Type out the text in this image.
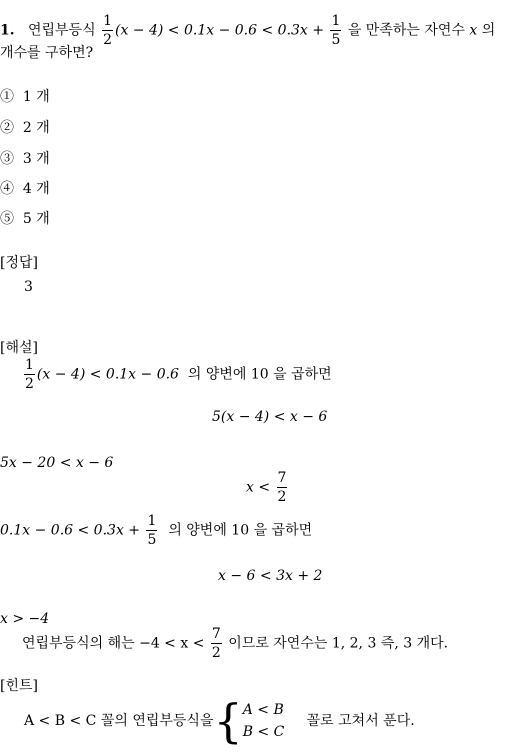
1. 연립부등식 $\frac{1}{2} (x - 4) < 0.1x - 0.6 < 0.3x + \frac{1}{5}$ 을 만족하는 자연수 x 의
개수를 구하면?
① 1 개
② 2 개
③ 3 개
④ 4 개
⑤ 5 개
[정답]
3
[해설]
$\frac{1}{2} (x - 4) < 0.1x - 0.6$ 의 양변에 10 을 곱하면
5(x − 4) < x − 6
5x − 20 < x − 6
$x < \frac{7}{2}$
$0.1x - 0.6 < 0.3x + \frac{1}{5}$ 의 양변에 10 을 곱하면
x − 6 < 3x + 2
x > −4
연립부등식의 해는 $-4 < x < \frac{7}{2}$ 이므로 자연수는 1, 2, 3 즉, 3 개다.
[힌트]
A < B < C 꼴의 연립부등식을{ A < B
B < C
꼴로 고쳐서 푼다.
